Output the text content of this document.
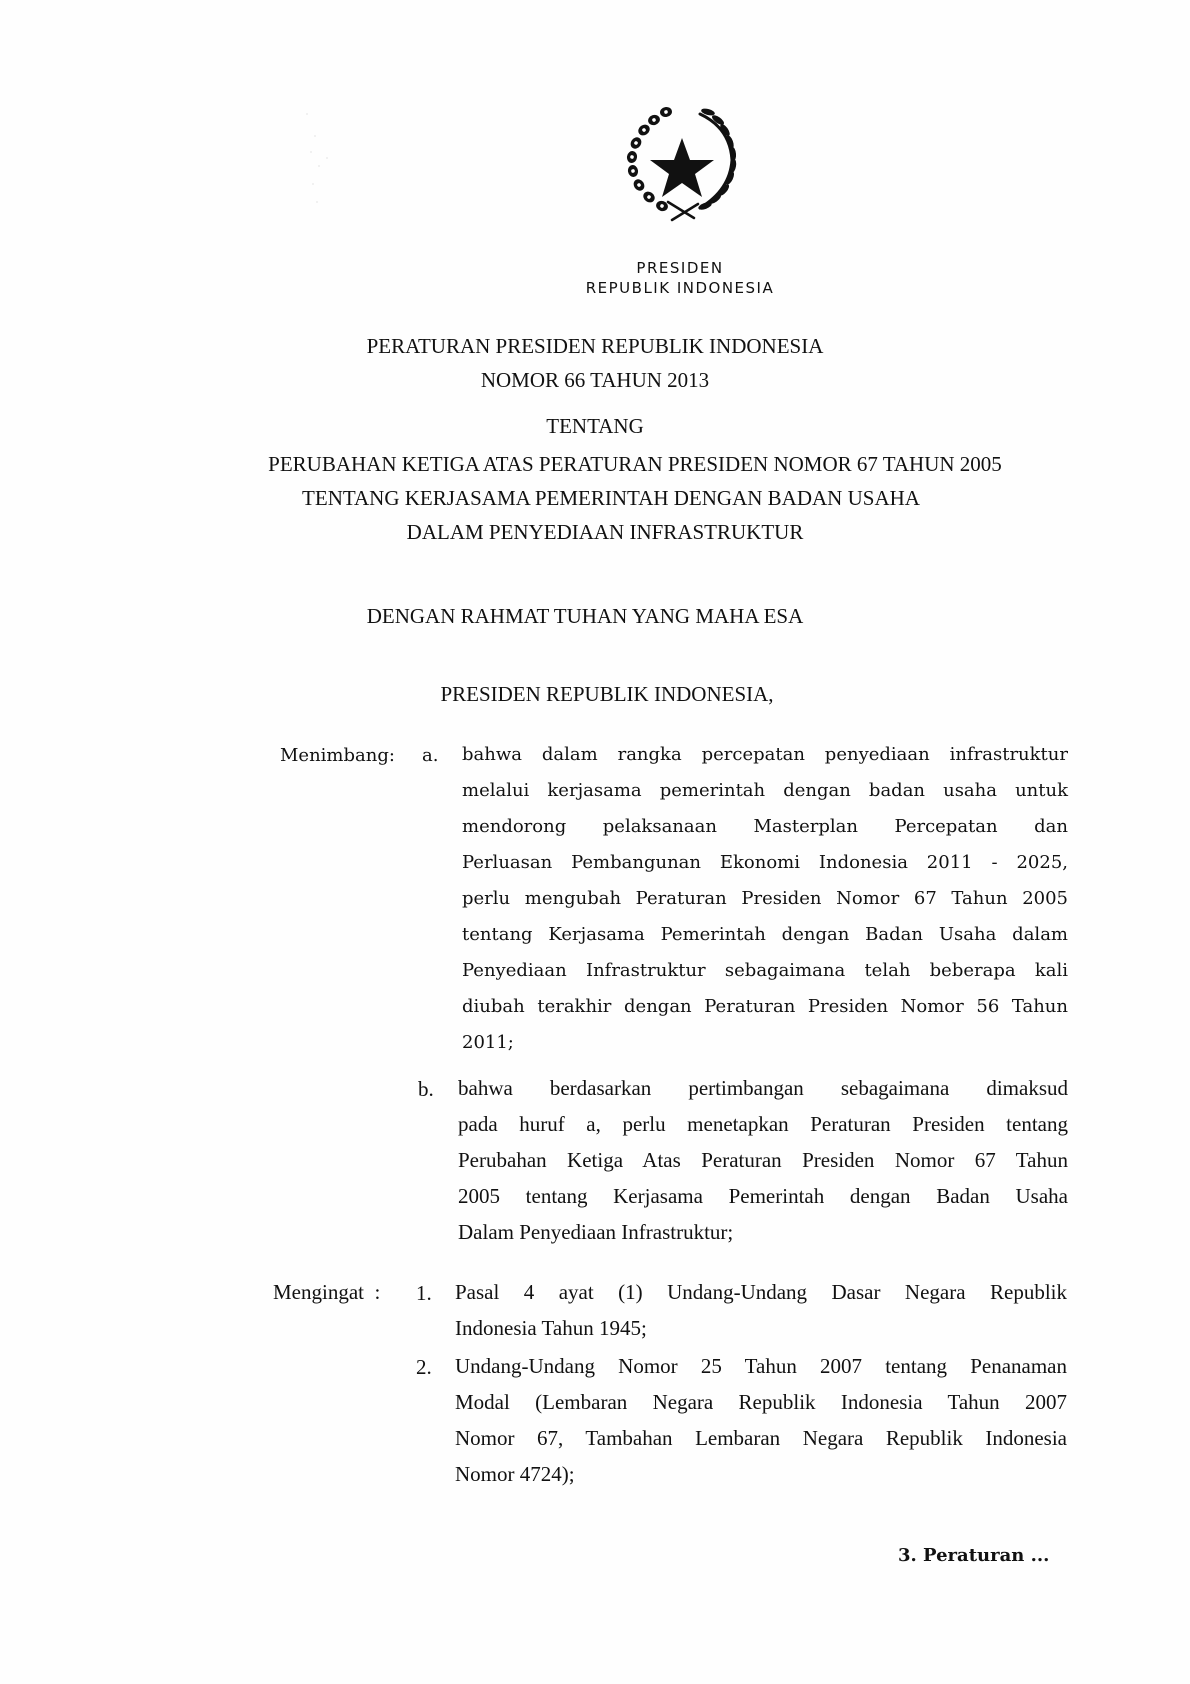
PRESIDEN
REPUBLIK INDONESIA
PERATURAN PRESIDEN REPUBLIK INDONESIA
NOMOR 66 TAHUN 2013
TENTANG
PERUBAHAN KETIGA ATAS PERATURAN PRESIDEN NOMOR 67 TAHUN 2005
TENTANG KERJASAMA PEMERINTAH DENGAN BADAN USAHA
DALAM PENYEDIAAN INFRASTRUKTUR
DENGAN RAHMAT TUHAN YANG MAHA ESA
PRESIDEN REPUBLIK INDONESIA,
Menimbang: a. bahwa dalam rangka percepatan penyediaan infrastruktur
melalui kerjasama pemerintah dengan badan usaha untuk
mendorong pelaksanaan Masterplan Percepatan dan
Perluasan Pembangunan Ekonomi Indonesia 2011 - 2025,
perlu mengubah Peraturan Presiden Nomor 67 Tahun 2005
tentang Kerjasama Pemerintah dengan Badan Usaha dalam
Penyediaan Infrastruktur sebagaimana telah beberapa kali
diubah terakhir dengan Peraturan Presiden Nomor 56 Tahun
2011;
b. bahwa berdasarkan pertimbangan sebagaimana dimaksud
pada huruf a, perlu menetapkan Peraturan Presiden tentang
Perubahan Ketiga Atas Peraturan Presiden Nomor 67 Tahun
2005 tentang Kerjasama Pemerintah dengan Badan Usaha
Dalam Penyediaan Infrastruktur;
Mengingat : 1. Pasal 4 ayat (1) Undang-Undang Dasar Negara Republik
Indonesia Tahun 1945;
2. Undang-Undang Nomor 25 Tahun 2007 tentang Penanaman
Modal (Lembaran Negara Republik Indonesia Tahun 2007
Nomor 67, Tambahan Lembaran Negara Republik Indonesia
Nomor 4724);
3. Peraturan ...
